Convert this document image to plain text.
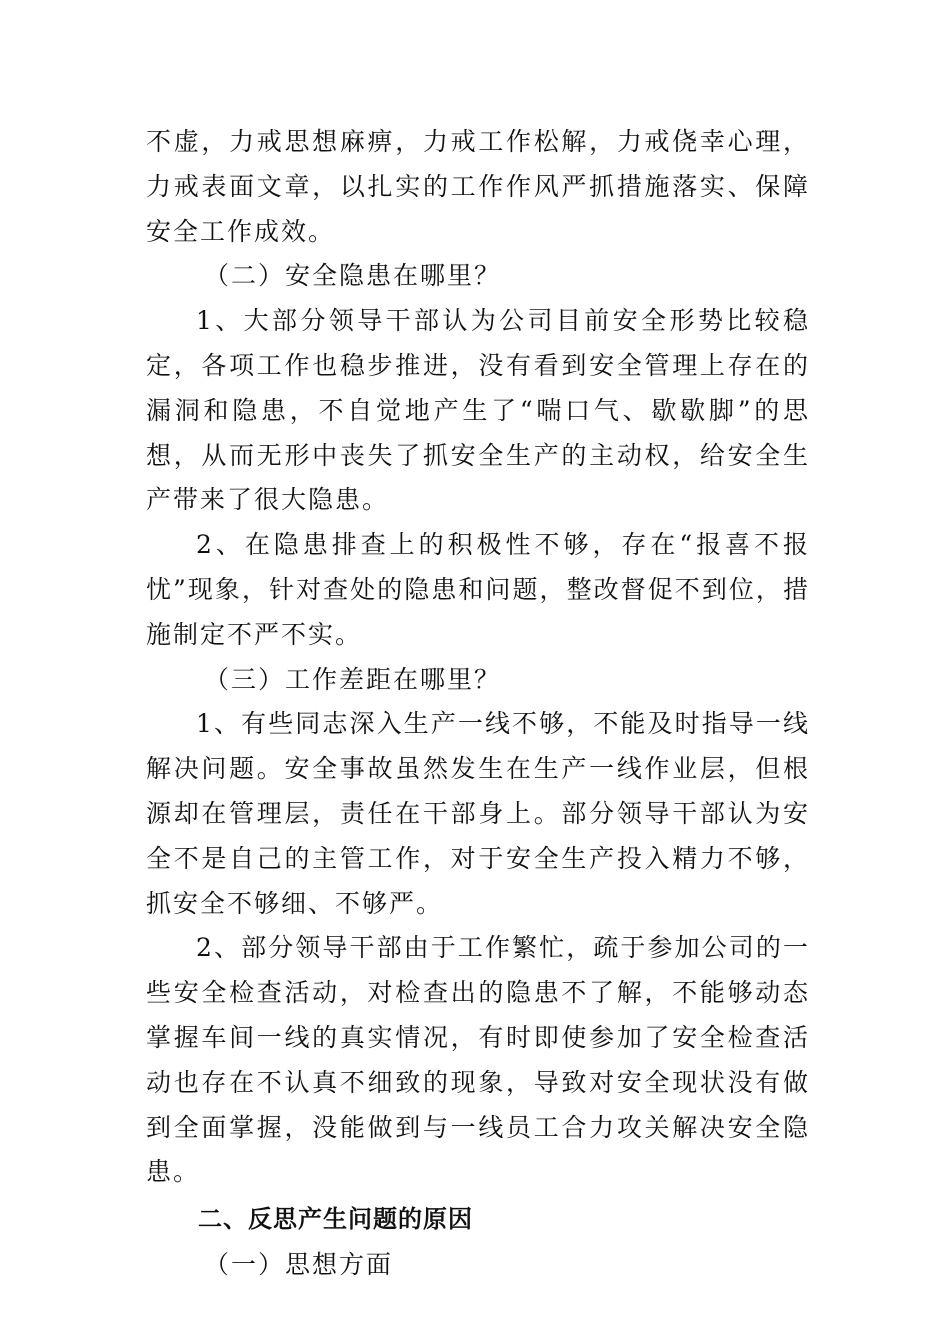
不虚，力戒思想麻痹，力戒工作松解，力戒侥幸心理，力戒表面文章，以扎实的工作作风严抓措施落实、保障安全工作成效。

（二）安全隐患在哪里？

1、大部分领导干部认为公司目前安全形势比较稳定，各项工作也稳步推进，没有看到安全管理上存在的漏洞和隐患，不自觉地产生了“喘口气、歇歇脚”的思想，从而无形中丧失了抓安全生产的主动权，给安全生产带来了很大隐患。

2、在隐患排查上的积极性不够，存在“报喜不报忧”现象，针对查处的隐患和问题，整改督促不到位，措施制定不严不实。

（三）工作差距在哪里？

1、有些同志深入生产一线不够，不能及时指导一线解决问题。安全事故虽然发生在生产一线作业层，但根源却在管理层，责任在干部身上。部分领导干部认为安全不是自己的主管工作，对于安全生产投入精力不够，抓安全不够细、不够严。

2、部分领导干部由于工作繁忙，疏于参加公司的一些安全检查活动，对检查出的隐患不了解，不能够动态掌握车间一线的真实情况，有时即使参加了安全检查活动也存在不认真不细致的现象，导致对安全现状没有做到全面掌握，没能做到与一线员工合力攻关解决安全隐患。

二、反思产生问题的原因

（一）思想方面
